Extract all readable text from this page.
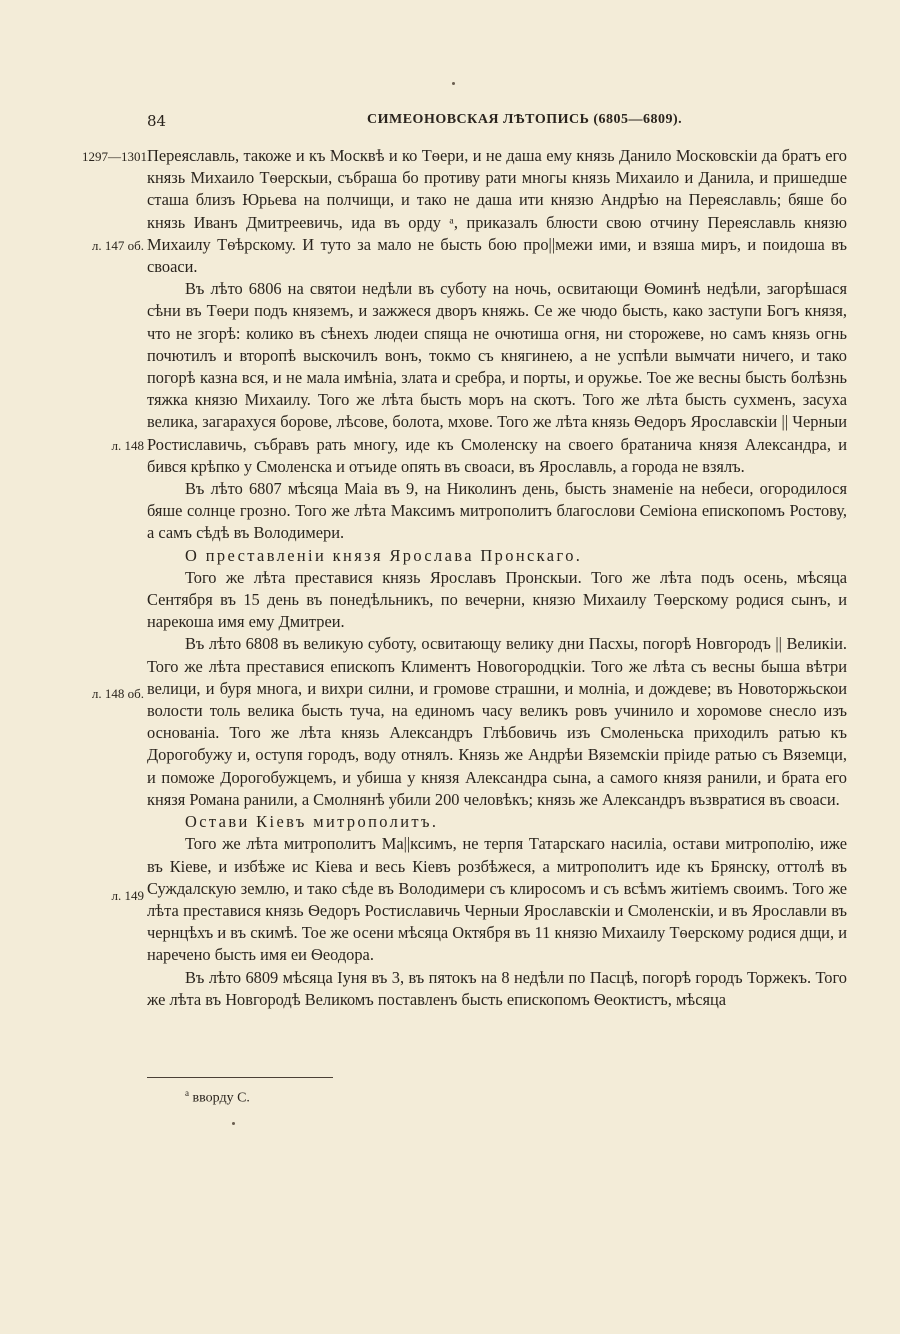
84	СИМЕОНОВСКАЯ ЛѢТОПИСЬ (6805—6809).
1297—1301
л. 147 об.
л. 148
л. 148 об.
л. 149

Переяславль, такоже и къ Москвѣ и ко Тѳери, и не даша ему князь Данило Московскіи да братъ его князь Михаило Тѳерскыи, събраша бо противу рати многы князь Михаило и Данила, и пришедше сташа близъ Юрьева на полчищи, и тако не даша ити князю Андрѣю на Переяславль; бяше бо князь Иванъ Дмитреевичь, ида въ орду ᵃ, приказалъ блюсти свою отчину Переяславль князю Михаилу Тѳѣрскому. И туто за мало не бысть бою про||межи ими, и взяша миръ, и поидоша въ своаси.

Въ лѣто 6806 на святои недѣли въ суботу на ночь, освитающи Ѳоминѣ недѣли, загорѣшася сѣни въ Тѳери подъ княземъ, и зажжеся дворъ княжь. Се же чюдо бысть, како заступи Богъ князя, что не згорѣ: колико въ сѣнехъ людеи спяща не очютиша огня, ни сторожеве, но самъ князь огнь почютилъ и второпѣ выскочилъ вонъ, токмо съ княгинею, а не успѣли вымчати ничего, и тако погорѣ казна вся, и не мала имѣніа, злата и сребра, и порты, и оружье. Тое же весны бысть болѣзнь тяжка князю Михаилу. Того же лѣта бысть моръ на скотъ. Того же лѣта бысть сухменъ, засуха велика, загарахуся борове, лѣсове, болота, мхове. Того же лѣта князь Ѳедоръ Ярославскіи || Черныи Ростиславичь, събравъ рать многу, иде къ Смоленску на своего братанича князя Александра, и бився крѣпко у Смоленска и отъиде опять въ своаси, въ Ярославль, а города не взялъ.

Въ лѣто 6807 мѣсяца Маіа въ 9, на Николинъ день, бысть знаменіе на небеси, огородилося бяше солнце грозно. Того же лѣта Максимъ митрополитъ благослови Семіона епископомъ Ростову, а самъ сѣдѣ въ Володимери.

О преставленіи князя Ярослава Пронскаго.

Того же лѣта преставися князь Ярославъ Пронскыи. Того же лѣта подъ осень, мѣсяца Сентября въ 15 день въ понедѣльникъ, по вечерни, князю Михаилу Тѳерскому родися сынъ, и нарекоша имя ему Дмитреи.

Въ лѣто 6808 въ великую суботу, освитающу велику дни Пасхы, погорѣ Новгородъ || Великіи. Того же лѣта преставися епископъ Климентъ Новогородцкіи. Того же лѣта съ весны быша вѣтри велици, и буря многа, и вихри силни, и громове страшни, и молніа, и дождеве; въ Новоторжьскои волости толь велика бысть туча, на единомъ часу великъ ровъ учинило и хоромове снесло изъ основаніа. Того же лѣта князь Александръ Глѣбовичь изъ Смоленьска приходилъ ратью къ Дорогобужу и, оступя городъ, воду отнялъ. Князь же Андрѣи Вяземскіи пріиде ратью съ Вяземци, и поможе Дорогобужцемъ, и убиша у князя Александра сына, а самого князя ранили, и брата его князя Романа ранили, а Смолнянѣ убили 200 человѣкъ; князь же Александръ възвратися въ своаси.

Остави Кіевъ митрополитъ.

Того же лѣта митрополитъ Ма||ксимъ, не терпя Татарскаго насиліа, остави митрополію, иже въ Кіеве, и избѣже ис Кіева и весь Кіевъ розбѣжеся, а митрополитъ иде къ Брянску, оттолѣ въ Суждалскую землю, и тако сѣде въ Володимери съ клиросомъ и съ всѣмъ житіемъ своимъ. Того же лѣта преставися князь Ѳедоръ Ростиславичь Черныи Ярославскіи и Смоленскіи, и въ Ярославли въ чернцѣхъ и въ скимѣ. Тое же осени мѣсяца Октября въ 11 князю Михаилу Тѳерскому родися дщи, и наречено бысть имя еи Ѳеодора.

Въ лѣто 6809 мѣсяца Іуня въ 3, въ пятокъ на 8 недѣли по Пасцѣ, погорѣ городъ Торжекъ. Того же лѣта въ Новгородѣ Великомъ поставленъ бысть епископомъ Ѳеоктистъ, мѣсяца

$^а$ вворду С.
